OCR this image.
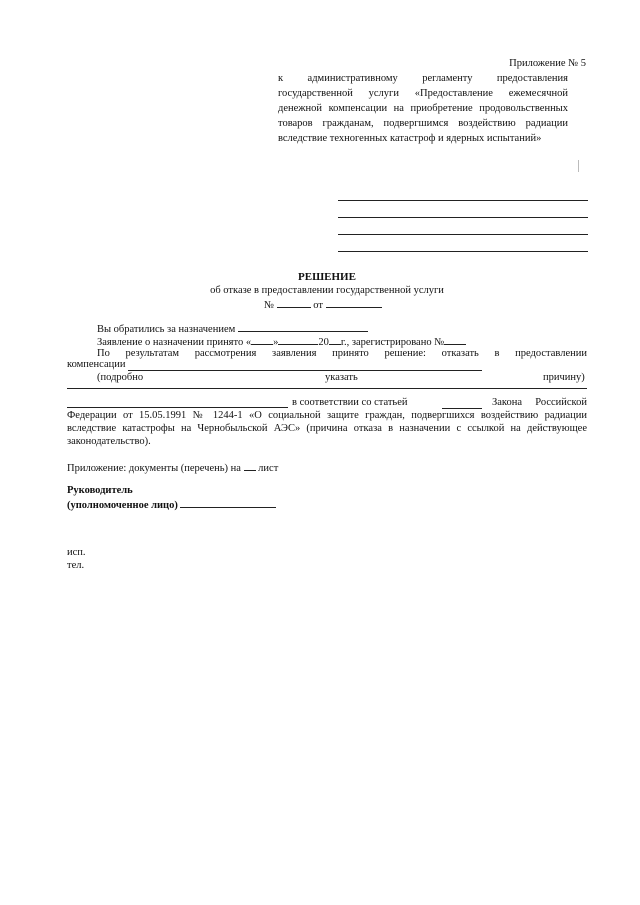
Приложение № 5
к административному регламенту предоставления
государственной услуги «Предоставление ежемесячной
денежной компенсации на приобретение продовольственных
товаров гражданам, подвергшимся воздействию радиации
вследствие техногенных катастроф и ядерных испытаний»
РЕШЕНИЕ
об отказе в предоставлении государственной услуги
№	от
Вы обратились за назначением
Заявление о назначении принято « »	20 г., зарегистрировано №
По результатам рассмотрения заявления принято решение: отказать в предоставлении
компенсации
(подробно	указать	причину)
в соответствии со статьей	Закона Российской
Федерации от 15.05.1991 № 1244-1 «О социальной защите граждан, подвергшихся воздействию радиации
вследствие катастрофы на Чернобыльской АЭС» (причина отказа в назначении с ссылкой на действующее
законодательство).
Приложение: документы (перечень) на лист
Руководитель
(уполномоченное лицо)
исп.
тел.
